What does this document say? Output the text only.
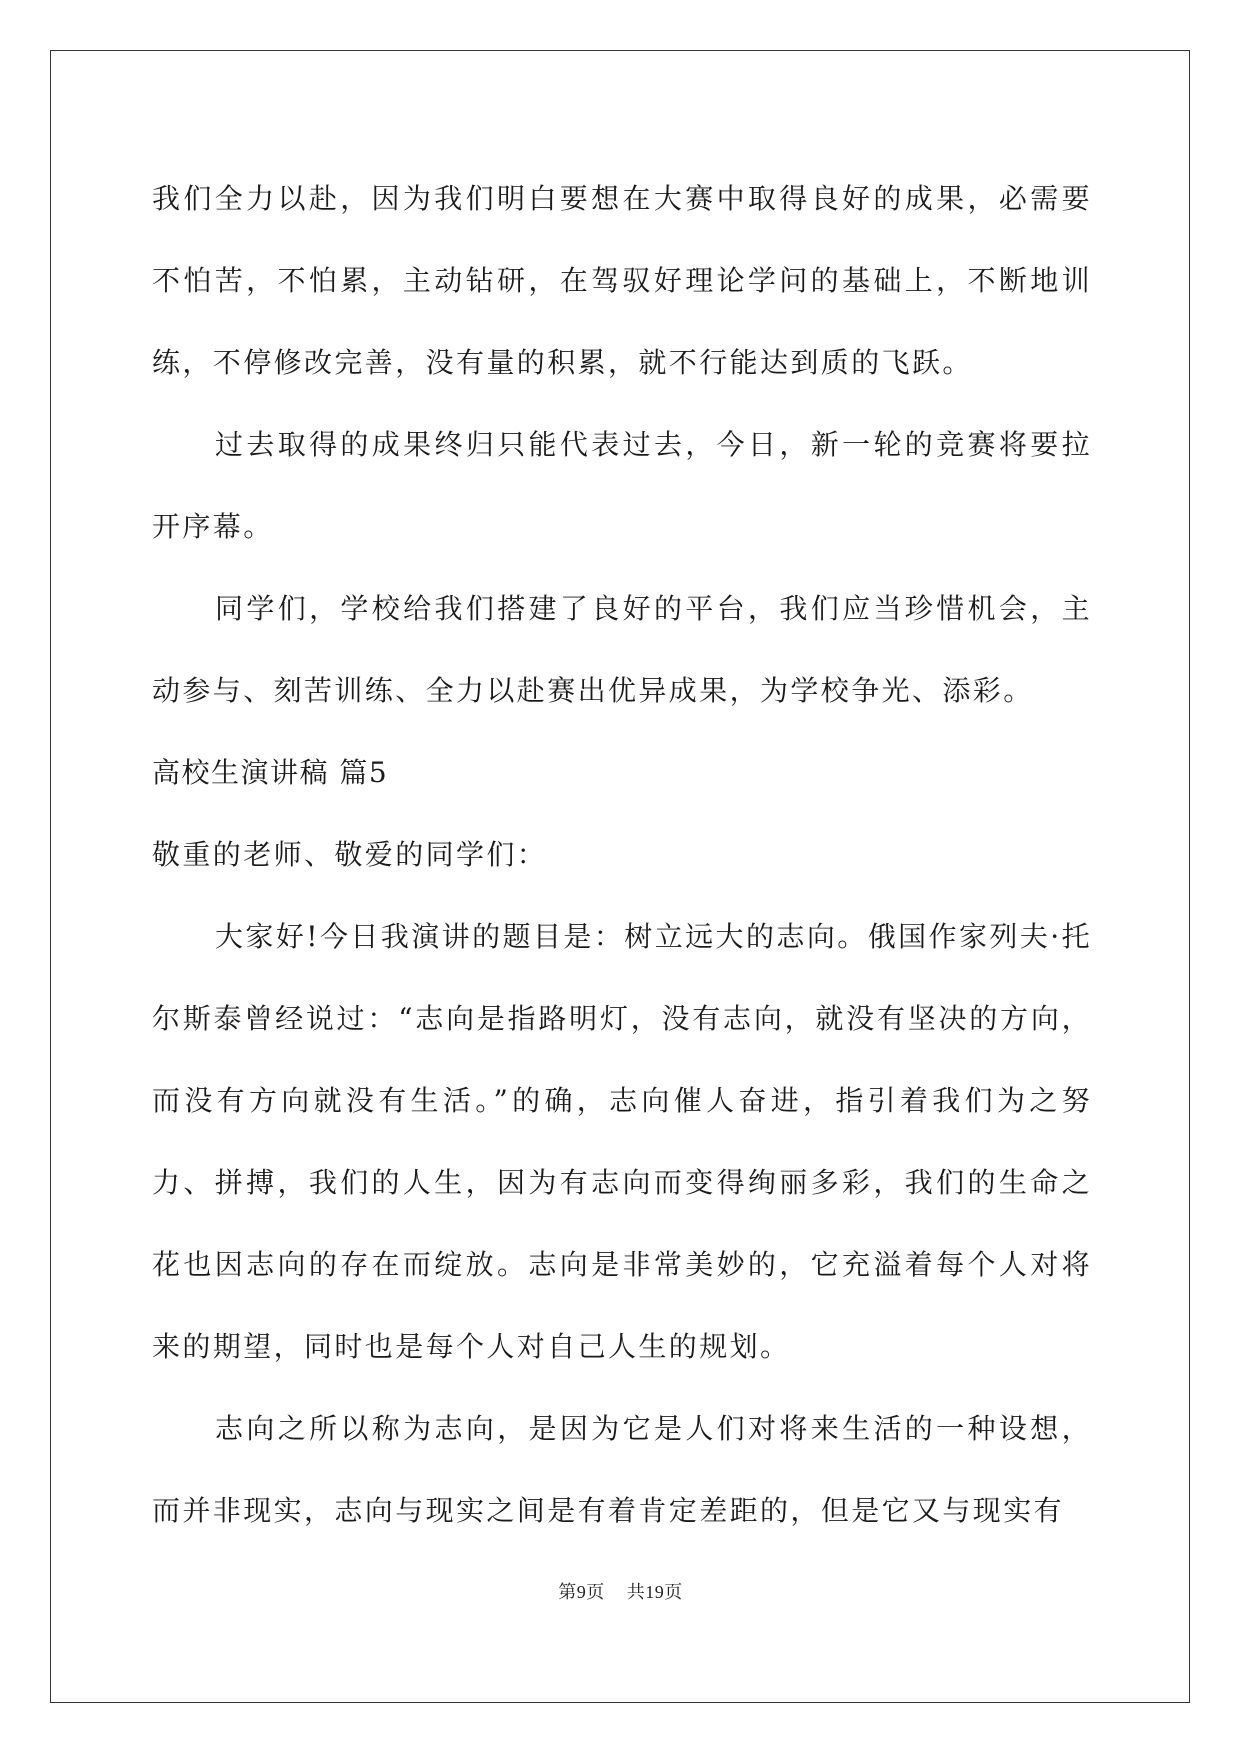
我们全力以赴，因为我们明白要想在大赛中取得良好的成果，必需要不怕苦，不怕累，主动钻研，在驾驭好理论学问的基础上，不断地训练，不停修改完善，没有量的积累，就不行能达到质的飞跃。

过去取得的成果终归只能代表过去，今日，新一轮的竞赛将要拉开序幕。

同学们，学校给我们搭建了良好的平台，我们应当珍惜机会，主动参与、刻苦训练、全力以赴赛出优异成果，为学校争光、添彩。

高校生演讲稿 篇5

敬重的老师、敬爱的同学们：

大家好!今日我演讲的题目是：树立远大的志向。俄国作家列夫·托尔斯泰曾经说过：“志向是指路明灯，没有志向，就没有坚决的方向，而没有方向就没有生活。”的确，志向催人奋进，指引着我们为之努力、拼搏，我们的人生，因为有志向而变得绚丽多彩，我们的生命之花也因志向的存在而绽放。志向是非常美妙的，它充溢着每个人对将来的期望，同时也是每个人对自己人生的规划。

志向之所以称为志向，是因为它是人们对将来生活的一种设想，而并非现实，志向与现实之间是有着肯定差距的，但是它又与现实有

第9页 共19页
